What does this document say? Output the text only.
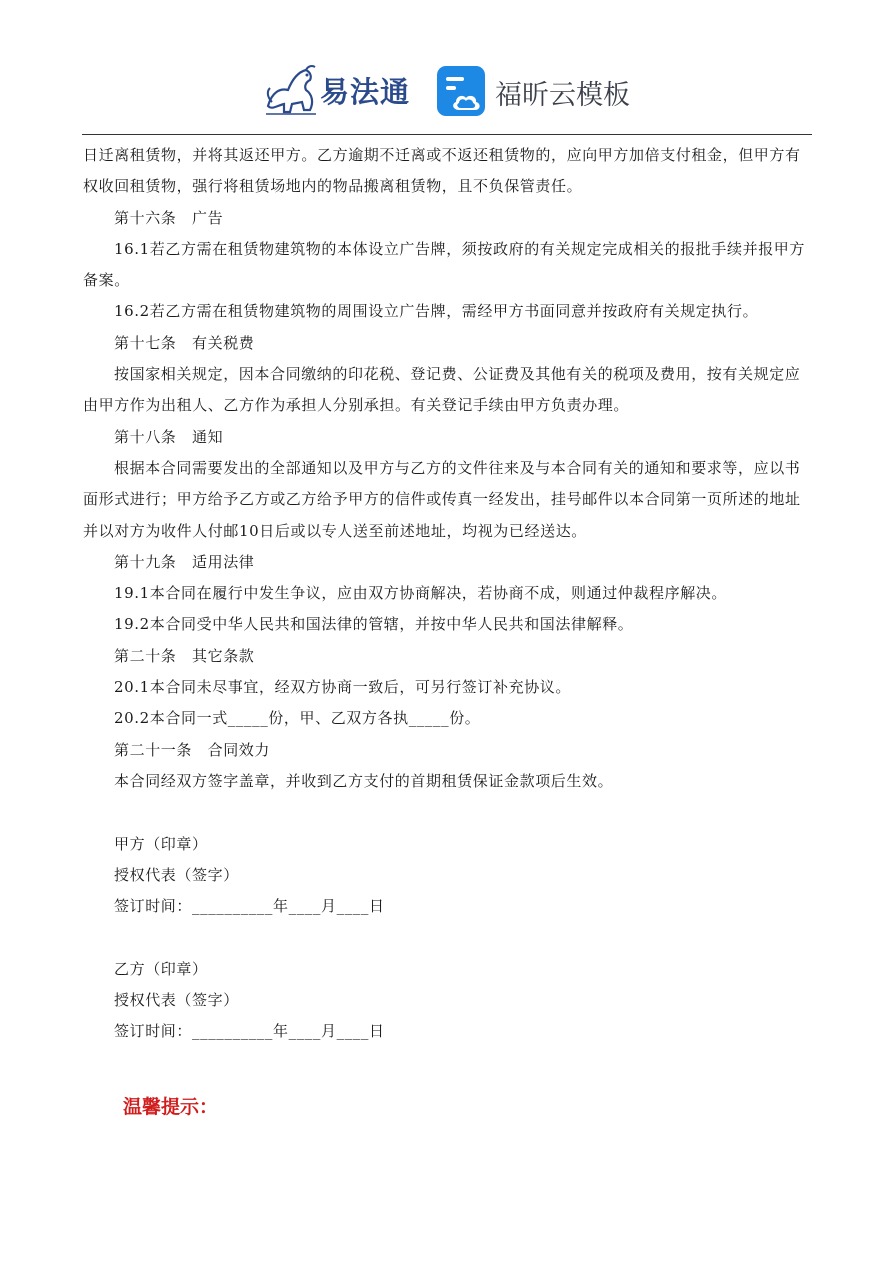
易法通	福昕云模板

日迁离租赁物，并将其返还甲方。乙方逾期不迁离或不返还租赁物的，应向甲方加倍支付租金，但甲方有权收回租赁物，强行将租赁场地内的物品搬离租赁物，且不负保管责任。

第十六条　广告

16.1若乙方需在租赁物建筑物的本体设立广告牌，须按政府的有关规定完成相关的报批手续并报甲方备案。

16.2若乙方需在租赁物建筑物的周围设立广告牌，需经甲方书面同意并按政府有关规定执行。

第十七条　有关税费

按国家相关规定，因本合同缴纳的印花税、登记费、公证费及其他有关的税项及费用，按有关规定应由甲方作为出租人、乙方作为承担人分别承担。有关登记手续由甲方负责办理。

第十八条　通知

根据本合同需要发出的全部通知以及甲方与乙方的文件往来及与本合同有关的通知和要求等，应以书面形式进行；甲方给予乙方或乙方给予甲方的信件或传真一经发出，挂号邮件以本合同第一页所述的地址并以对方为收件人付邮10日后或以专人送至前述地址，均视为已经送达。

第十九条　适用法律

19.1本合同在履行中发生争议，应由双方协商解决，若协商不成，则通过仲裁程序解决。

19.2本合同受中华人民共和国法律的管辖，并按中华人民共和国法律解释。

第二十条　其它条款

20.1本合同未尽事宜，经双方协商一致后，可另行签订补充协议。

20.2本合同一式_____份，甲、乙双方各执_____份。

第二十一条　合同效力

本合同经双方签字盖章，并收到乙方支付的首期租赁保证金款项后生效。

甲方（印章）

授权代表（签字）

签订时间：__________年____月____日

乙方（印章）

授权代表（签字）

签订时间：__________年____月____日

温馨提示：
